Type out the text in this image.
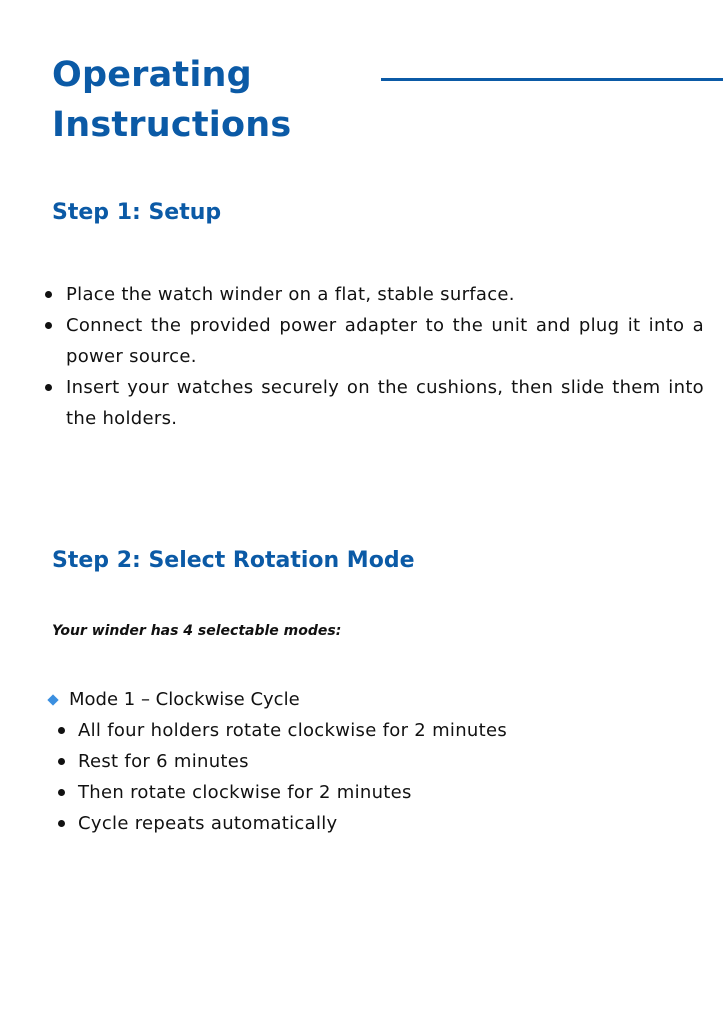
Operating Instructions
Step 1: Setup
Place the watch winder on a flat, stable surface.
Connect the provided power adapter to the unit and plug it into a power source.
Insert your watches securely on the cushions, then slide them into the holders.
Step 2: Select Rotation Mode

Your winder has 4 selectable modes:

Mode 1 – Clockwise Cycle
All four holders rotate clockwise for 2 minutes
Rest for 6 minutes
Then rotate clockwise for 2 minutes
Cycle repeats automatically
